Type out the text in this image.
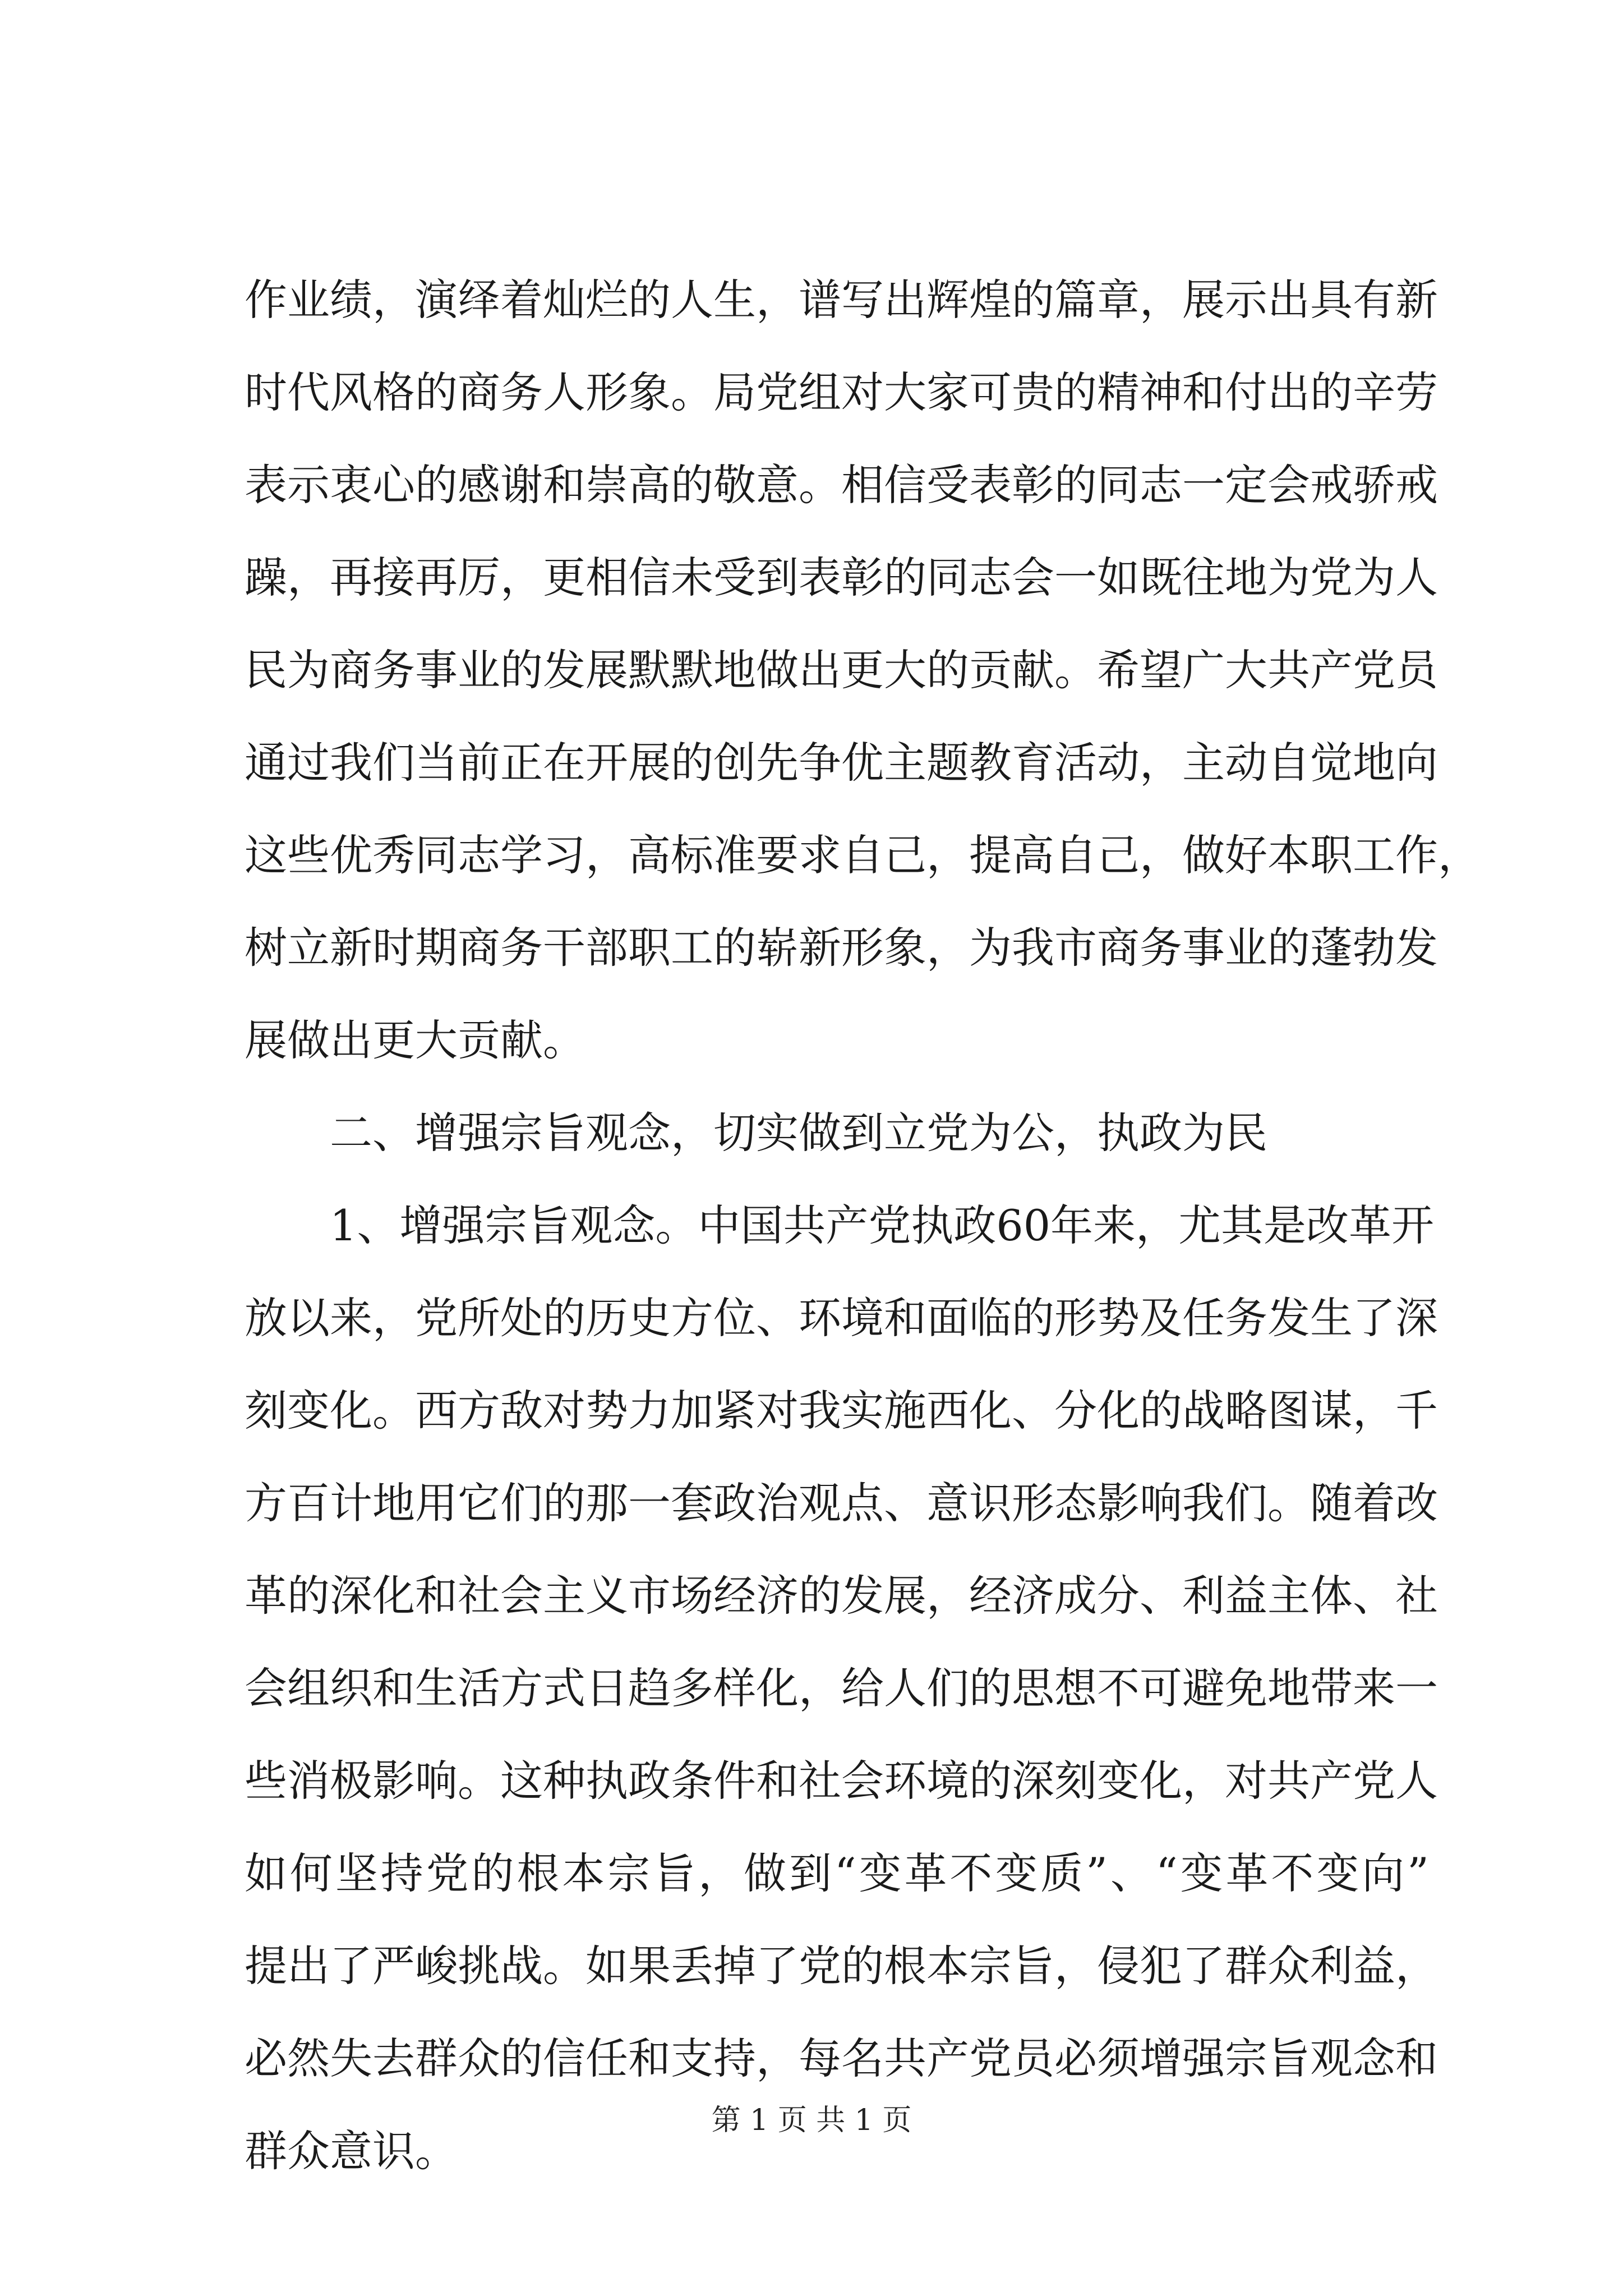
作业绩，演绎着灿烂的人生，谱写出辉煌的篇章，展示出具有新
时代风格的商务人形象。局党组对大家可贵的精神和付出的辛劳
表示衷心的感谢和崇高的敬意。相信受表彰的同志一定会戒骄戒
躁，再接再厉，更相信未受到表彰的同志会一如既往地为党为人
民为商务事业的发展默默地做出更大的贡献。希望广大共产党员
通过我们当前正在开展的创先争优主题教育活动，主动自觉地向
这些优秀同志学习，高标准要求自己，提高自己，做好本职工作，
树立新时期商务干部职工的崭新形象，为我市商务事业的蓬勃发
展做出更大贡献。
二、增强宗旨观念，切实做到立党为公，执政为民
1、增强宗旨观念。中国共产党执政60年来，尤其是改革开
放以来，党所处的历史方位、环境和面临的形势及任务发生了深
刻变化。西方敌对势力加紧对我实施西化、分化的战略图谋，千
方百计地用它们的那一套政治观点、意识形态影响我们。随着改
革的深化和社会主义市场经济的发展，经济成分、利益主体、社
会组织和生活方式日趋多样化，给人们的思想不可避免地带来一
些消极影响。这种执政条件和社会环境的深刻变化，对共产党人
如何坚持党的根本宗旨，做到“变革不变质”、“变革不变向”
提出了严峻挑战。如果丢掉了党的根本宗旨，侵犯了群众利益，
必然失去群众的信任和支持，每名共产党员必须增强宗旨观念和
群众意识。
第 1 页 共 1 页
